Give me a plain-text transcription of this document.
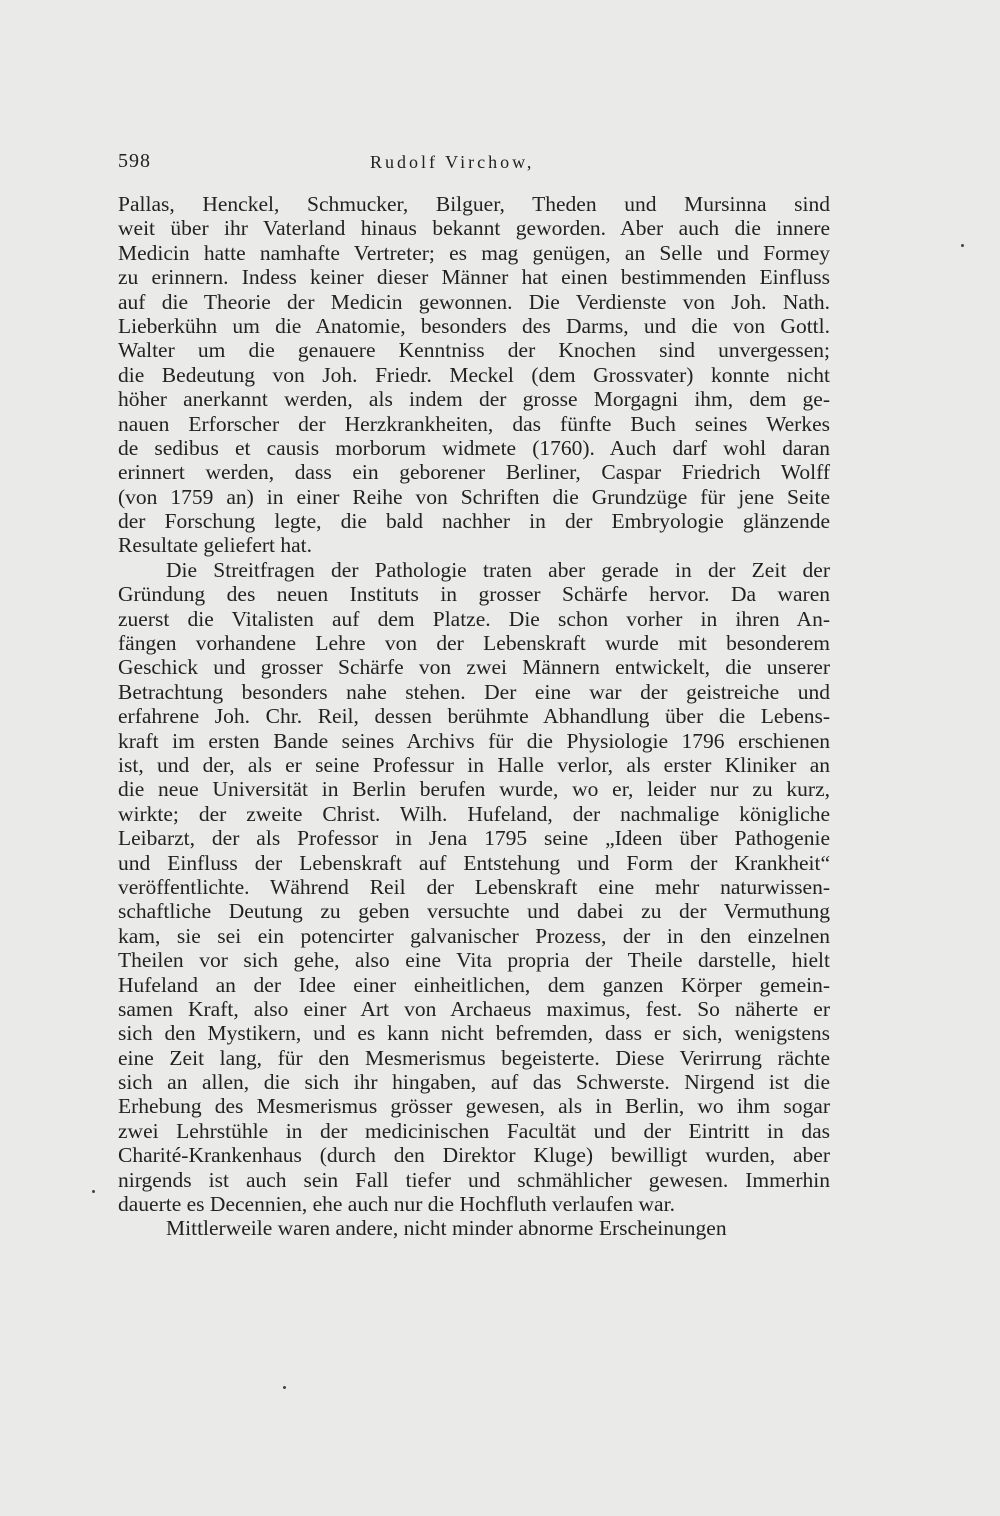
598	Rudolf Virchow,
Pallas, Henckel, Schmucker, Bilguer, Theden und Mursinna sind
weit über ihr Vaterland hinaus bekannt geworden. Aber auch die innere
Medicin hatte namhafte Vertreter; es mag genügen, an Selle und Formey
zu erinnern. Indess keiner dieser Männer hat einen bestimmenden Einfluss
auf die Theorie der Medicin gewonnen. Die Verdienste von Joh. Nath.
Lieberkühn um die Anatomie, besonders des Darms, und die von Gottl.
Walter um die genauere Kenntniss der Knochen sind unvergessen;
die Bedeutung von Joh. Friedr. Meckel (dem Grossvater) konnte nicht
höher anerkannt werden, als indem der grosse Morgagni ihm, dem ge-
nauen Erforscher der Herzkrankheiten, das fünfte Buch seines Werkes
de sedibus et causis morborum widmete (1760). Auch darf wohl daran
erinnert werden, dass ein geborener Berliner, Caspar Friedrich Wolff
(von 1759 an) in einer Reihe von Schriften die Grundzüge für jene Seite
der Forschung legte, die bald nachher in der Embryologie glänzende
Resultate geliefert hat.
Die Streitfragen der Pathologie traten aber gerade in der Zeit der
Gründung des neuen Instituts in grosser Schärfe hervor. Da waren
zuerst die Vitalisten auf dem Platze. Die schon vorher in ihren An-
fängen vorhandene Lehre von der Lebenskraft wurde mit besonderem
Geschick und grosser Schärfe von zwei Männern entwickelt, die unserer
Betrachtung besonders nahe stehen. Der eine war der geistreiche und
erfahrene Joh. Chr. Reil, dessen berühmte Abhandlung über die Lebens-
kraft im ersten Bande seines Archivs für die Physiologie 1796 erschienen
ist, und der, als er seine Professur in Halle verlor, als erster Kliniker an
die neue Universität in Berlin berufen wurde, wo er, leider nur zu kurz,
wirkte; der zweite Christ. Wilh. Hufeland, der nachmalige königliche
Leibarzt, der als Professor in Jena 1795 seine „Ideen über Pathogenie
und Einfluss der Lebenskraft auf Entstehung und Form der Krankheit“
veröffentlichte. Während Reil der Lebenskraft eine mehr naturwissen-
schaftliche Deutung zu geben versuchte und dabei zu der Vermuthung
kam, sie sei ein potencirter galvanischer Prozess, der in den einzelnen
Theilen vor sich gehe, also eine Vita propria der Theile darstelle, hielt
Hufeland an der Idee einer einheitlichen, dem ganzen Körper gemein-
samen Kraft, also einer Art von Archaeus maximus, fest. So näherte er
sich den Mystikern, und es kann nicht befremden, dass er sich, wenigstens
eine Zeit lang, für den Mesmerismus begeisterte. Diese Verirrung rächte
sich an allen, die sich ihr hingaben, auf das Schwerste. Nirgend ist die
Erhebung des Mesmerismus grösser gewesen, als in Berlin, wo ihm sogar
zwei Lehrstühle in der medicinischen Facultät und der Eintritt in das
Charité-Krankenhaus (durch den Direktor Kluge) bewilligt wurden, aber
nirgends ist auch sein Fall tiefer und schmählicher gewesen. Immerhin
dauerte es Decennien, ehe auch nur die Hochfluth verlaufen war.
Mittlerweile waren andere, nicht minder abnorme Erscheinungen
